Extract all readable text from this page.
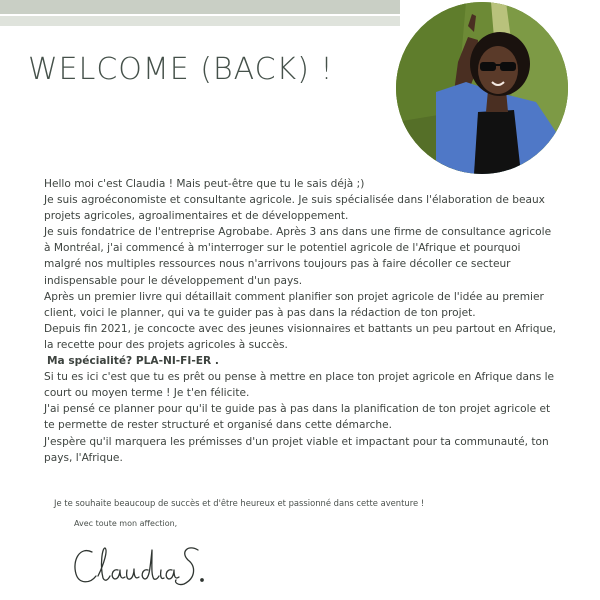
WELCOME (BACK) !

Hello moi c'est Claudia ! Mais peut-être que tu le sais déjà ;)

Je suis agroéconomiste et consultante agricole. Je suis spécialisée dans l'élaboration de beaux projets agricoles, agroalimentaires et de développement.

Je suis fondatrice de l'entreprise Agrobabe. Après 3 ans dans une firme de consultance agricole à Montréal, j'ai commencé à m'interroger sur le potentiel agricole de l'Afrique et pourquoi malgré nos multiples ressources nous n'arrivons toujours pas à faire décoller ce secteur indispensable pour le développement d'un pays.

Après un premier livre qui détaillait comment planifier son projet agricole de l'idée au premier client, voici le planner, qui va te guider pas à pas dans la rédaction de ton projet.

Depuis fin 2021, je concocte avec des jeunes visionnaires et battants un peu partout en Afrique, la recette pour des projets agricoles à succès.

Ma spécialité? PLA-NI-FI-ER .

Si tu es ici c'est que tu es prêt ou pense à mettre en place ton projet agricole en Afrique dans le court ou moyen terme ! Je t'en félicite.

J'ai pensé ce planner pour qu'il te guide pas à pas dans la planification de ton projet agricole et te permette de rester structuré et organisé dans cette démarche.

J'espère qu'il marquera les prémisses d'un projet viable et impactant pour ta communauté, ton pays, l'Afrique.

Je te souhaite beaucoup de succès et d'être heureux et passionné dans cette aventure !

Avec toute mon affection,
